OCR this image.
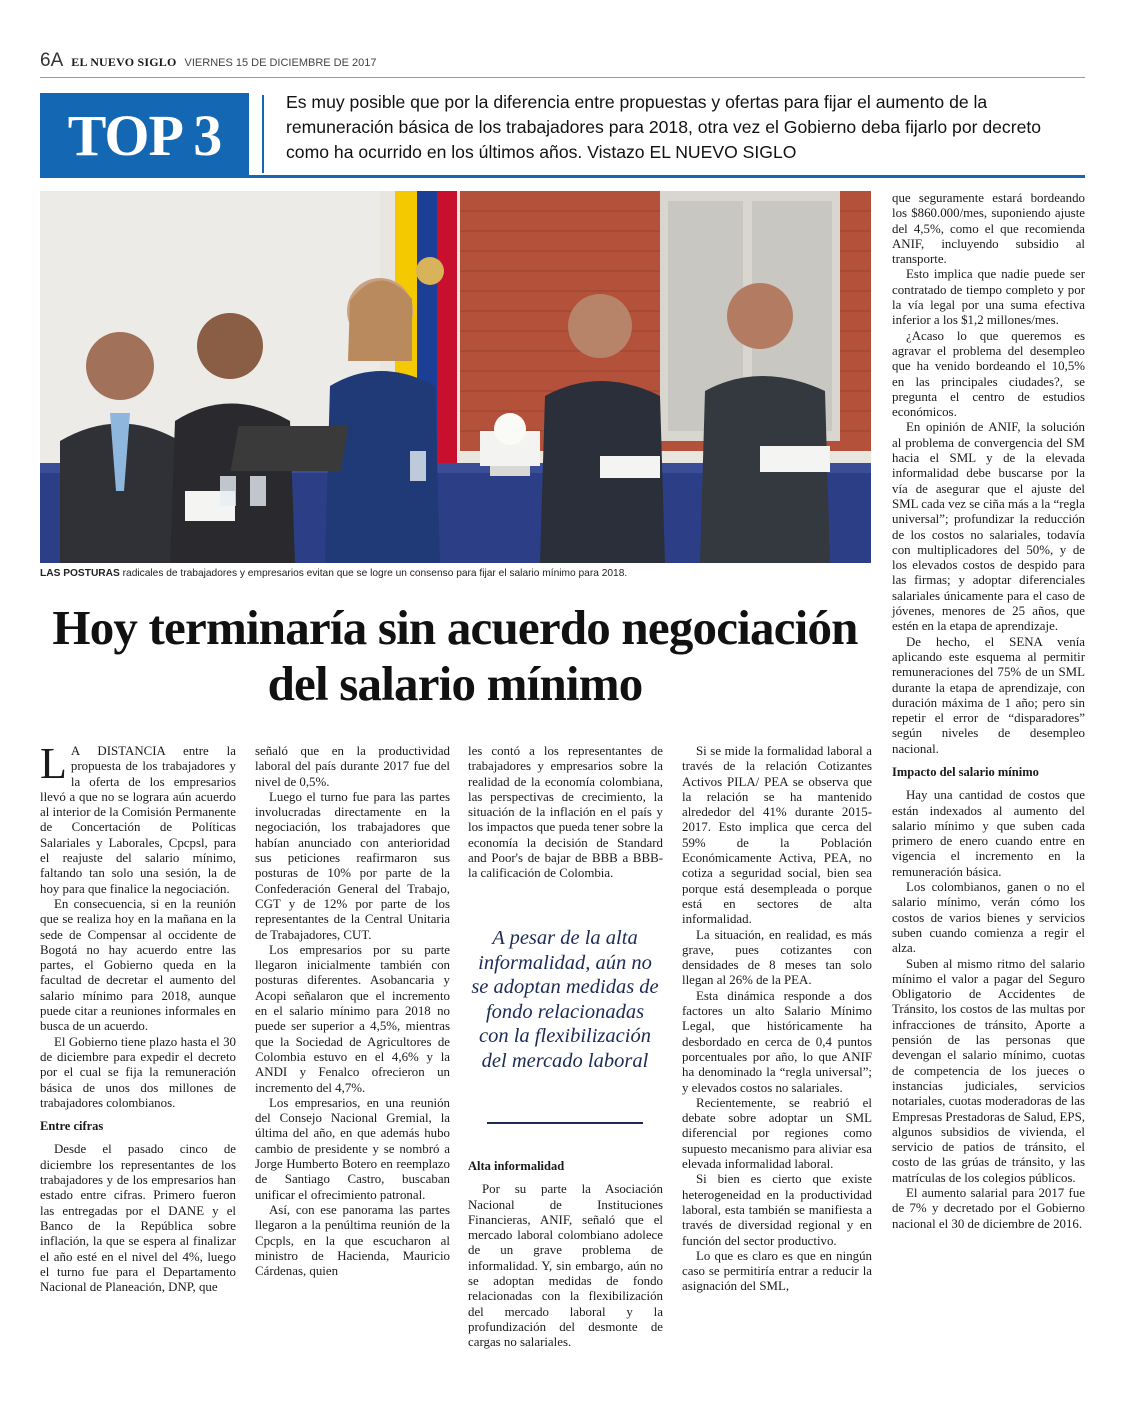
6A EL NUEVO SIGLO VIERNES 15 DE DICIEMBRE DE 2017
TOP 3
Es muy posible que por la diferencia entre propuestas y ofertas para fijar el aumento de la remuneración básica de los trabajadores para 2018, otra vez el Gobierno deba fijarlo por decreto como ha ocurrido en los últimos años. Vistazo EL NUEVO SIGLO
LAS POSTURAS radicales de trabajadores y empresarios evitan que se logre un consenso para fijar el salario mínimo para 2018.
Hoy terminaría sin acuerdo negociación del salario mínimo

L A DISTANCIA entre la propuesta de los trabajadores y la oferta de los empresarios llevó a que no se lograra aún acuerdo al interior de la Comisión Permanente de Concertación de Políticas Salariales y Laborales, Cpcpsl, para el reajuste del salario mínimo, faltando tan solo una sesión, la de hoy para que finalice la negociación.

En consecuencia, si en la reunión que se realiza hoy en la mañana en la sede de Compensar al occidente de Bogotá no hay acuerdo entre las partes, el Gobierno queda en la facultad de decretar el aumento del salario mínimo para 2018, aunque puede citar a reuniones informales en busca de un acuerdo.

El Gobierno tiene plazo hasta el 30 de diciembre para expedir el decreto por el cual se fija la remuneración básica de unos dos millones de trabajadores colombianos.

Entre cifras

Desde el pasado cinco de diciembre los representantes de los trabajadores y de los empresarios han estado entre cifras. Primero fueron las entregadas por el DANE y el Banco de la República sobre inflación, la que se espera al finalizar el año esté en el nivel del 4%, luego el turno fue para el Departamento Nacional de Planeación, DNP, que

señaló que en la productividad laboral del país durante 2017 fue del nivel de 0,5%.

Luego el turno fue para las partes involucradas directamente en la negociación, los trabajadores que habían anunciado con anterioridad sus peticiones reafirmaron sus posturas de 10% por parte de la Confederación General del Trabajo, CGT y de 12% por parte de los representantes de la Central Unitaria de Trabajadores, CUT.

Los empresarios por su parte llegaron inicialmente también con posturas diferentes. Asobancaria y Acopi señalaron que el incremento en el salario mínimo para 2018 no puede ser superior a 4,5%, mientras que la Sociedad de Agricultores de Colombia estuvo en el 4,6% y la ANDI y Fenalco ofrecieron un incremento del 4,7%.

Los empresarios, en una reunión del Consejo Nacional Gremial, la última del año, en que además hubo cambio de presidente y se nombró a Jorge Humberto Botero en reemplazo de Santiago Castro, buscaban unificar el ofrecimiento patronal.

Así, con ese panorama las partes llegaron a la penúltima reunión de la Cpcpls, en la que escucharon al ministro de Hacienda, Mauricio Cárdenas, quien

les contó a los representantes de trabajadores y empresarios sobre la realidad de la economía colombiana, las perspectivas de crecimiento, la situación de la inflación en el país y los impactos que pueda tener sobre la economía la decisión de Standard and Poor's de bajar de BBB a BBB- la calificación de Colombia.

A pesar de la alta informalidad, aún no se adoptan medidas de fondo relacionadas con la flexibilización del mercado laboral
Alta informalidad

Por su parte la Asociación Nacional de Instituciones Financieras, ANIF, señaló que el mercado laboral colombiano adolece de un grave problema de informalidad. Y, sin embargo, aún no se adoptan medidas de fondo relacionadas con la flexibilización del mercado laboral y la profundización del desmonte de cargas no salariales.

Si se mide la formalidad laboral a través de la relación Cotizantes Activos PILA/ PEA se observa que la relación se ha mantenido alrededor del 41% durante 2015-2017. Esto implica que cerca del 59% de la Población Económicamente Activa, PEA, no cotiza a seguridad social, bien sea porque está desempleada o porque está en sectores de alta informalidad.

La situación, en realidad, es más grave, pues cotizantes con densidades de 8 meses tan solo llegan al 26% de la PEA.

Esta dinámica responde a dos factores un alto Salario Mínimo Legal, que históricamente ha desbordado en cerca de 0,4 puntos porcentuales por año, lo que ANIF ha denominado la “regla universal”; y elevados costos no salariales.

Recientemente, se reabrió el debate sobre adoptar un SML diferencial por regiones como supuesto mecanismo para aliviar esa elevada informalidad laboral.

Si bien es cierto que existe heterogeneidad en la productividad laboral, esta también se manifiesta a través de diversidad regional y en función del sector productivo.

Lo que es claro es que en ningún caso se permitiría entrar a reducir la asignación del SML,

que seguramente estará bordeando los $860.000/mes, suponiendo ajuste del 4,5%, como el que recomienda ANIF, incluyendo subsidio al transporte.

Esto implica que nadie puede ser contratado de tiempo completo y por la vía legal por una suma efectiva inferior a los $1,2 millones/mes.

¿Acaso lo que queremos es agravar el problema del desempleo que ha venido bordeando el 10,5% en las principales ciudades?, se pregunta el centro de estudios económicos.

En opinión de ANIF, la solución al problema de convergencia del SM hacia el SML y de la elevada informalidad debe buscarse por la vía de asegurar que el ajuste del SML cada vez se ciña más a la “regla universal”; profundizar la reducción de los costos no salariales, todavía con multiplicadores del 50%, y de los elevados costos de despido para las firmas; y adoptar diferenciales salariales únicamente para el caso de jóvenes, menores de 25 años, que estén en la etapa de aprendizaje.

De hecho, el SENA venía aplicando este esquema al permitir remuneraciones del 75% de un SML durante la etapa de aprendizaje, con duración máxima de 1 año; pero sin repetir el error de “disparadores” según niveles de desempleo nacional.

Impacto del salario mínimo

Hay una cantidad de costos que están indexados al aumento del salario mínimo y que suben cada primero de enero cuando entre en vigencia el incremento en la remuneración básica.

Los colombianos, ganen o no el salario mínimo, verán cómo los costos de varios bienes y servicios suben cuando comienza a regir el alza.

Suben al mismo ritmo del salario mínimo el valor a pagar del Seguro Obligatorio de Accidentes de Tránsito, los costos de las multas por infracciones de tránsito, Aporte a pensión de las personas que devengan el salario mínimo, cuotas de competencia de los jueces o instancias judiciales, servicios notariales, cuotas moderadoras de las Empresas Prestadoras de Salud, EPS, algunos subsidios de vivienda, el servicio de patios de tránsito, el costo de las grúas de tránsito, y las matrículas de los colegios públicos.

El aumento salarial para 2017 fue de 7% y decretado por el Gobierno nacional el 30 de diciembre de 2016.
